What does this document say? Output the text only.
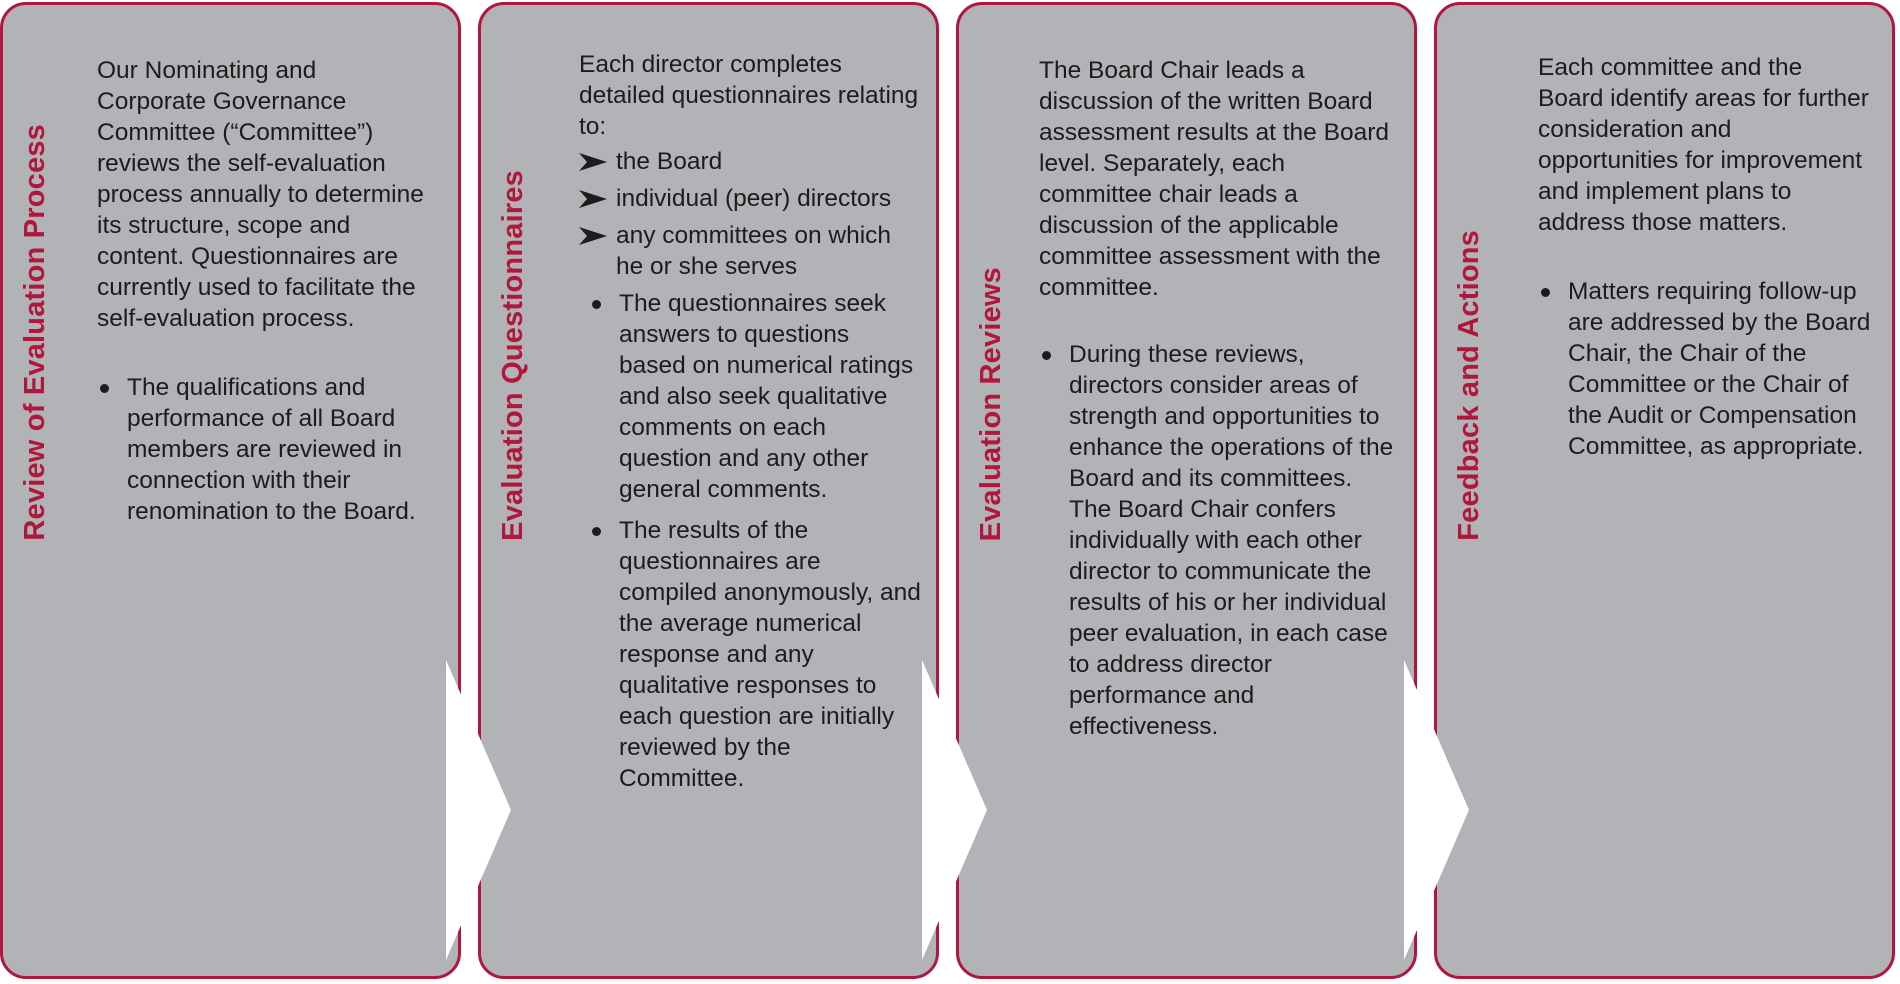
Review of Evaluation Process

Our Nominating and Corporate Governance Committee (“Committee”) reviews the self-evaluation process annually to determine its structure, scope and content. Questionnaires are currently used to facilitate the self-evaluation process.

The qualifications and performance of all Board members are reviewed in connection with their renomination to the Board.	Evaluation Questionnaires

Each director completes detailed questionnaires relating to:

the Board
individual (peer) directors
any committees on which he or she serves
The questionnaires seek answers to questions based on numerical ratings and also seek qualitative comments on each question and any other general comments.
The results of the questionnaires are compiled anonymously, and the average numerical response and any qualitative responses to each question are initially reviewed by the Committee.
Evaluation Reviews

The Board Chair leads a discussion of the written Board assessment results at the Board level. Separately, each committee chair leads a discussion of the applicable committee assessment with the committee.

During these reviews, directors consider areas of strength and opportunities to enhance the operations of the Board and its committees. The Board Chair confers individually with each other director to communicate the results of his or her individual peer evaluation, in each case to address director performance and effectiveness.
Feedback and Actions

Each committee and the Board identify areas for further consideration and opportunities for improvement and implement plans to address those matters.

Matters requiring follow-up are addressed by the Board Chair, the Chair of the Committee or the Chair of the Audit or Compensation Committee, as appropriate.
